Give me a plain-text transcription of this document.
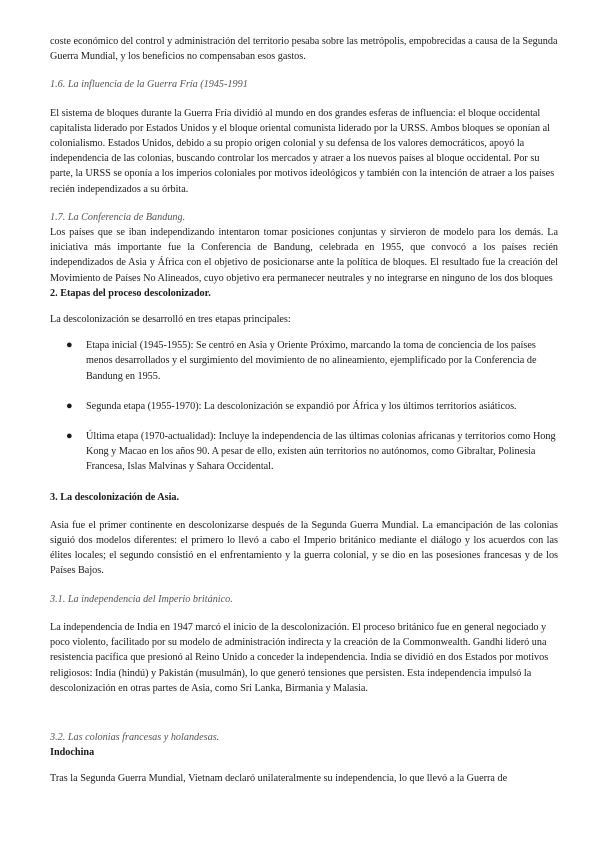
coste económico del control y administración del territorio pesaba sobre las metrópolis, empobrecidas a causa de la Segunda Guerra Mundial, y los beneficios no compensaban esos gastos.

1.6. La influencia de la Guerra Fría (1945-1991

El sistema de bloques durante la Guerra Fría dividió al mundo en dos grandes esferas de influencia: el bloque occidental capitalista liderado por Estados Unidos y el bloque oriental comunista liderado por la URSS. Ambos bloques se oponían al colonialismo. Estados Unidos, debido a su propio origen colonial y su defensa de los valores democráticos, apoyó la independencia de las colonias, buscando controlar los mercados y atraer a los nuevos países al bloque occidental. Por su parte, la URSS se oponía a los imperios coloniales por motivos ideológicos y también con la intención de atraer a los países recién independizados a su órbita.

1.7. La Conferencia de Bandung.

Los países que se iban independizando intentaron tomar posiciones conjuntas y sirvieron de modelo para los demás. La iniciativa más importante fue la Conferencia de Bandung, celebrada en 1955, que convocó a los países recién independizados de Asia y África con el objetivo de posicionarse ante la política de bloques. El resultado fue la creación del Movimiento de Países No Alineados, cuyo objetivo era permanecer neutrales y no integrarse en ninguno de los dos bloques

2. Etapas del proceso descolonizador.

La descolonización se desarrolló en tres etapas principales:

● Etapa inicial (1945-1955): Se centró en Asia y Oriente Próximo, marcando la toma de conciencia de los países menos desarrollados y el surgimiento del movimiento de no alineamiento, ejemplificado por la Conferencia de Bandung en 1955.
● Segunda etapa (1955-1970): La descolonización se expandió por África y los últimos territorios asiáticos.
● Última etapa (1970-actualidad): Incluye la independencia de las últimas colonias africanas y territorios como Hong Kong y Macao en los años 90. A pesar de ello, existen aún territorios no autónomos, como Gibraltar, Polinesia Francesa, Islas Malvinas y Sahara Occidental.

3. La descolonización de Asia.

Asia fue el primer continente en descolonizarse después de la Segunda Guerra Mundial. La emancipación de las colonias siguió dos modelos diferentes: el primero lo llevó a cabo el Imperio británico mediante el diálogo y los acuerdos con las élites locales; el segundo consistió en el enfrentamiento y la guerra colonial, y se dio en las posesiones francesas y de los Países Bajos.

3.1. La independencia del Imperio británico.

La independencia de India en 1947 marcó el inicio de la descolonización. El proceso británico fue en general negociado y poco violento, facilitado por su modelo de administración indirecta y la creación de la Commonwealth. Gandhi lideró una resistencia pacífica que presionó al Reino Unido a conceder la independencia. India se dividió en dos Estados por motivos religiosos: India (hindú) y Pakistán (musulmán), lo que generó tensiones que persisten. Esta independencia impulsó la descolonización en otras partes de Asia, como Sri Lanka, Birmania y Malasia.

3.2. Las colonias francesas y holandesas.

Indochina

Tras la Segunda Guerra Mundial, Vietnam declaró unilateralmente su independencia, lo que llevó a la Guerra de
